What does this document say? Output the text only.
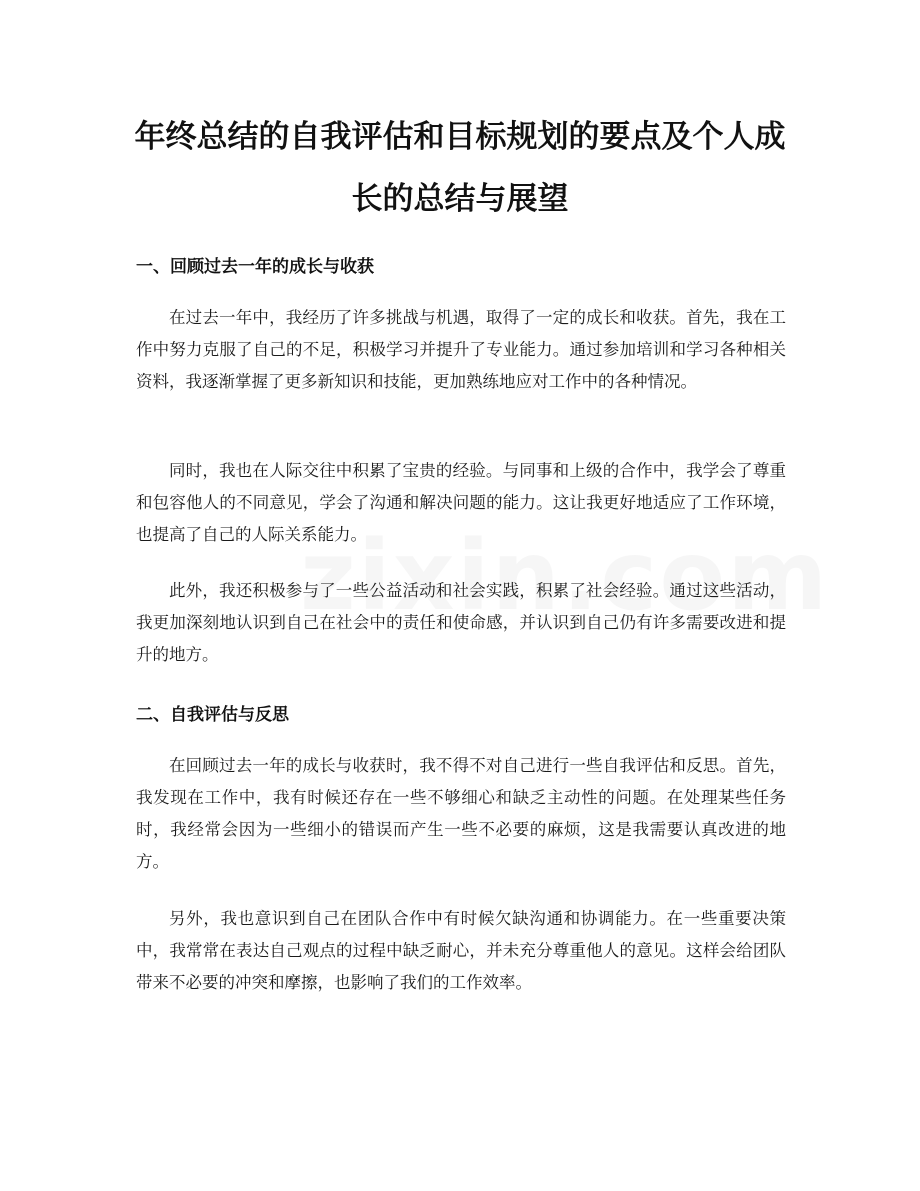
年终总结的自我评估和目标规划的要点及个人成长的总结与展望
一、回顾过去一年的成长与收获

在过去一年中，我经历了许多挑战与机遇，取得了一定的成长和收获。首先，我在工作中努力克服了自己的不足，积极学习并提升了专业能力。通过参加培训和学习各种相关资料，我逐渐掌握了更多新知识和技能，更加熟练地应对工作中的各种情况。

同时，我也在人际交往中积累了宝贵的经验。与同事和上级的合作中，我学会了尊重和包容他人的不同意见，学会了沟通和解决问题的能力。这让我更好地适应了工作环境，也提高了自己的人际关系能力。

此外，我还积极参与了一些公益活动和社会实践，积累了社会经验。通过这些活动，我更加深刻地认识到自己在社会中的责任和使命感，并认识到自己仍有许多需要改进和提升的地方。

二、自我评估与反思

在回顾过去一年的成长与收获时，我不得不对自己进行一些自我评估和反思。首先，我发现在工作中，我有时候还存在一些不够细心和缺乏主动性的问题。在处理某些任务时，我经常会因为一些细小的错误而产生一些不必要的麻烦，这是我需要认真改进的地方。

另外，我也意识到自己在团队合作中有时候欠缺沟通和协调能力。在一些重要决策中，我常常在表达自己观点的过程中缺乏耐心，并未充分尊重他人的意见。这样会给团队带来不必要的冲突和摩擦，也影响了我们的工作效率。
